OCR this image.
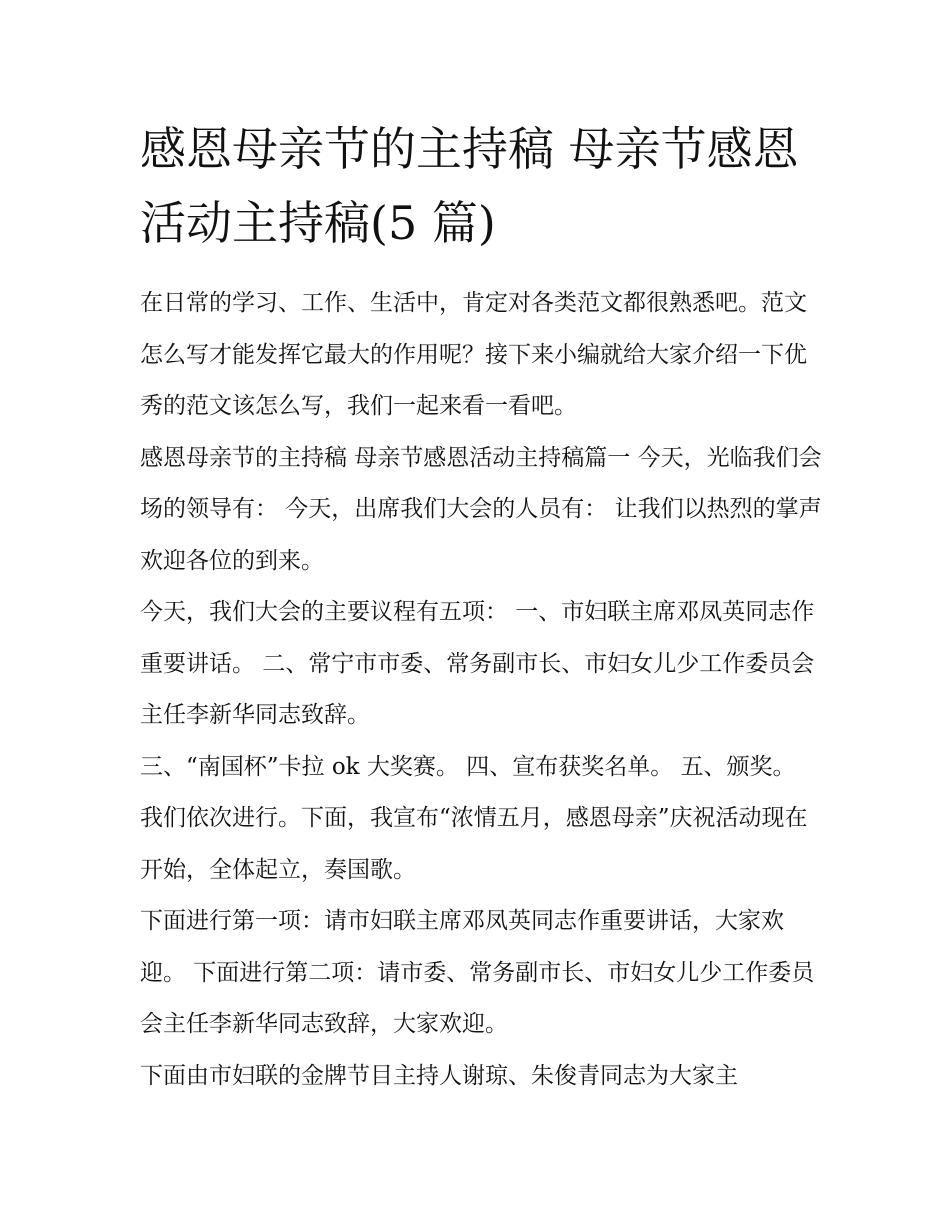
感恩母亲节的主持稿 母亲节感恩活动主持稿(5 篇)

在日常的学习、工作、生活中，肯定对各类范文都很熟悉吧。范文怎么写才能发挥它最大的作用呢？接下来小编就给大家介绍一下优秀的范文该怎么写，我们一起来看一看吧。

感恩母亲节的主持稿 母亲节感恩活动主持稿篇一 今天，光临我们会场的领导有： 今天，出席我们大会的人员有： 让我们以热烈的掌声欢迎各位的到来。

今天，我们大会的主要议程有五项： 一、市妇联主席邓凤英同志作重要讲话。 二、常宁市市委、常务副市长、市妇女儿少工作委员会主任李新华同志致辞。

三、“南国杯”卡拉 ok 大奖赛。 四、宣布获奖名单。 五、颁奖。 我们依次进行。下面，我宣布“浓情五月，感恩母亲”庆祝活动现在开始，全体起立，奏国歌。

下面进行第一项：请市妇联主席邓凤英同志作重要讲话，大家欢迎。 下面进行第二项：请市委、常务副市长、市妇女儿少工作委员会主任李新华同志致辞，大家欢迎。

下面由市妇联的金牌节目主持人谢琼、朱俊青同志为大家主
